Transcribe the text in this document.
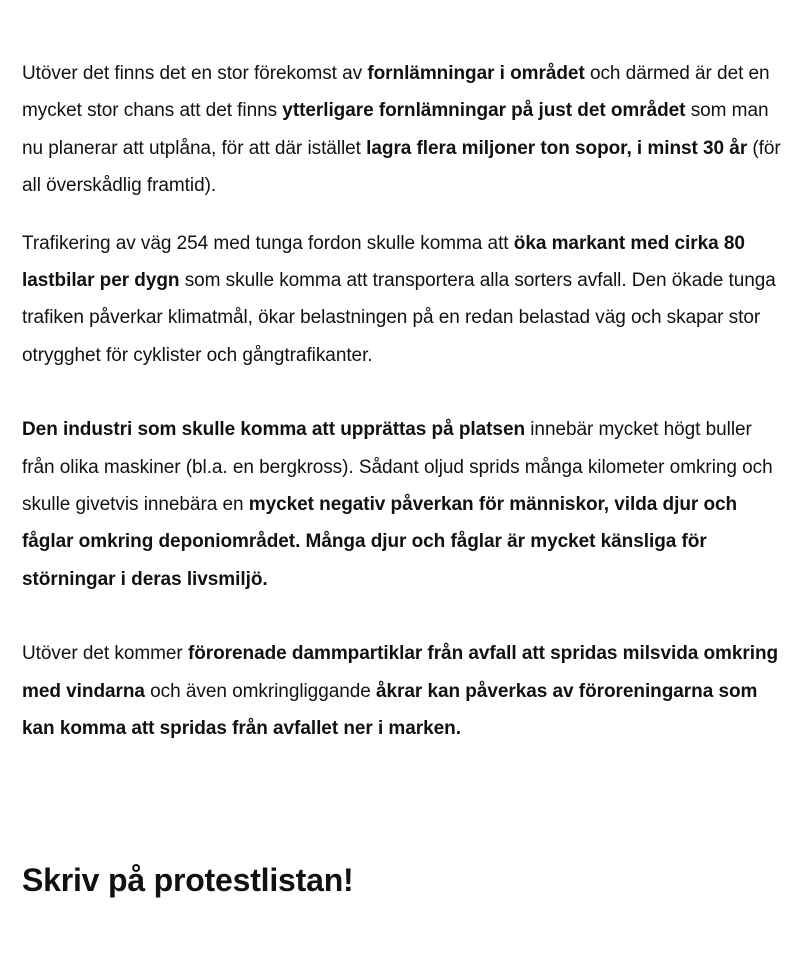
Utöver det finns det en stor förekomst av fornlämningar i området och därmed är det en mycket stor chans att det finns ytterligare fornlämningar på just det området som man nu planerar att utplåna, för att där istället lagra flera miljoner ton sopor, i minst 30 år (för all överskådlig framtid).

Trafikering av väg 254 med tunga fordon skulle komma att öka markant med cirka 80 lastbilar per dygn som skulle komma att transportera alla sorters avfall. Den ökade tunga trafiken påverkar klimatmål, ökar belastningen på en redan belastad väg och skapar stor otrygghet för cyklister och gångtrafikanter.

Den industri som skulle komma att upprättas på platsen innebär mycket högt buller från olika maskiner (bl.a. en bergkross). Sådant oljud sprids många kilometer omkring och skulle givetvis innebära en mycket negativ påverkan för människor, vilda djur och fåglar omkring deponiområdet. Många djur och fåglar är mycket känsliga för störningar i deras livsmiljö.

Utöver det kommer förorenade dammpartiklar från avfall att spridas milsvida omkring med vindarna och även omkringliggande åkrar kan påverkas av föroreningarna som kan komma att spridas från avfallet ner i marken.

Skriv på protestlistan!
